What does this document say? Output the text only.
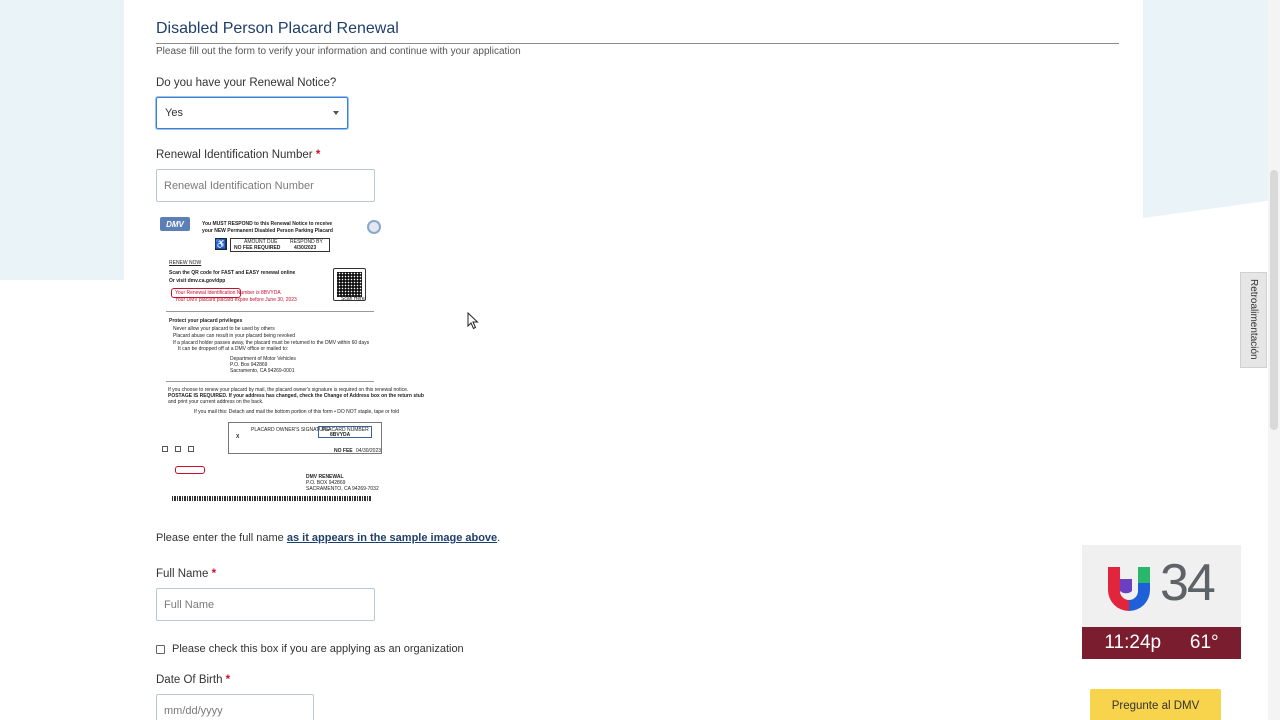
Disabled Person Placard Renewal
Please fill out the form to verify your information and continue with your application
Do you have your Renewal Notice?
Yes
Renewal Identification Number *
Renewal Identification Number
DMV	You MUST RESPOND to this Renewal Notice to receive
your NEW Permanent Disabled Person Parking Placard
♿	AMOUNT DUE
NO FEE REQUIRED
RESPOND BY
4/30/2023
RENEW NOW
Scan the QR code for FAST and EASY renewal online
Or visit dmv.ca.gov/dpp
Your Renewal Identification Number is 8BVYDA
Your DMV placard placard expire before June 30, 2023	Scan Here
Protect your placard privileges
Never allow your placard to be used by others
Placard abuse can result in your placard being revoked
If a placard holder passes away, the placard must be returned to the DMV within 60 days
It can be dropped off at a DMV office or mailed to:
Department of Motor Vehicles
P.O. Box 942869
Sacramento, CA 94269-0001
If you choose to renew your placard by mail, the placard owner's signature is required on this renewal notice.
POSTAGE IS REQUIRED. If your address has changed, check the Change of Address box on the return stub
and print your current address on the back.
If you mail this: Detach and mail the bottom portion of this form • DO NOT staple, tape or fold
PLACARD OWNER'S SIGNATURE
X
PLACARD NUMBER
8BVYDA
NO FEE 04/30/2023
DMV RENEWAL
P.O. BOX 942869
SACRAMENTO, CA 94269-7032
Please enter the full name as it appears in the sample image above.
Full Name *
Full Name
Please check this box if you are applying as an organization
Date Of Birth *
mm/dd/yyyy
Retroalimentación
34
11:24p 61°
Pregunte al DMV
